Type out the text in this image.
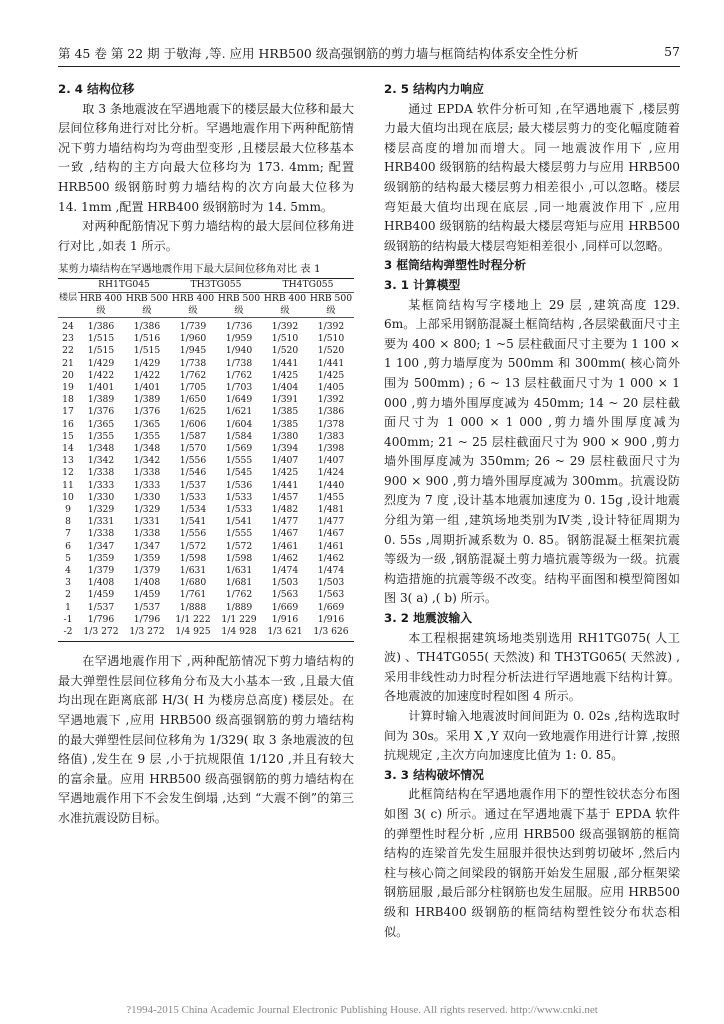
第 45 卷 第 22 期 于敬海 ,等. 应用 HRB500 级高强钢筋的剪力墙与框筒结构体系安全性分析	57

2. 4 结构位移

取 3 条地震波在罕遇地震下的楼层最大位移和最大层间位移角进行对比分析。罕遇地震作用下两种配筋情况下剪力墙结构均为弯曲型变形 ,且楼层最大位移基本一致 ,结构的主方向最大位移均为 173. 4mm; 配置 HRB500 级钢筋时剪力墙结构的次方向最大位移为 14. 1mm ,配置 HRB400 级钢筋时为 14. 5mm。

对两种配筋情况下剪力墙结构的最大层间位移角进行对比 ,如表 1 所示。

某剪力墙结构在罕遇地震作用下最大层间位移角对比 表 1
楼层	RH1TG045		TH3TG055		TH4TG055	
	HRB 400 级	HRB 500 级	HRB 400 级	HRB 500 级	HRB 400 级	HRB 500 级
24	1/386	1/386	1/739	1/736	1/392	1/392
23	1/515	1/516	1/960	1/959	1/510	1/510
22	1/515	1/515	1/945	1/940	1/520	1/520
21	1/429	1/429	1/738	1/738	1/441	1/441
20	1/422	1/422	1/762	1/762	1/425	1/425
19	1/401	1/401	1/705	1/703	1/404	1/405
18	1/389	1/389	1/650	1/649	1/391	1/392
17	1/376	1/376	1/625	1/621	1/385	1/386
16	1/365	1/365	1/606	1/604	1/385	1/378
15	1/355	1/355	1/587	1/584	1/380	1/383
14	1/348	1/348	1/570	1/569	1/394	1/398
13	1/342	1/342	1/556	1/555	1/407	1/407
12	1/338	1/338	1/546	1/545	1/425	1/424
11	1/333	1/333	1/537	1/536	1/441	1/440
10	1/330	1/330	1/533	1/533	1/457	1/455
9	1/329	1/329	1/534	1/533	1/482	1/481
8	1/331	1/331	1/541	1/541	1/477	1/477
7	1/338	1/338	1/556	1/555	1/467	1/467
6	1/347	1/347	1/572	1/572	1/461	1/461
5	1/359	1/359	1/598	1/598	1/462	1/462
4	1/379	1/379	1/631	1/631	1/474	1/474
3	1/408	1/408	1/680	1/681	1/503	1/503
2	1/459	1/459	1/761	1/762	1/563	1/563
1	1/537	1/537	1/888	1/889	1/669	1/669
-1	1/796	1/796	1/1 222	1/1 229	1/916	1/916
-2	1/3 272	1/3 272	1/4 925	1/4 928	1/3 621	1/3 626

在罕遇地震作用下 ,两种配筋情况下剪力墙结构的最大弹塑性层间位移角分布及大小基本一致 ,且最大值均出现在距离底部 H/3( H 为楼房总高度) 楼层处。在罕遇地震下 ,应用 HRB500 级高强钢筋的剪力墙结构的最大弹塑性层间位移角为 1/329( 取 3 条地震波的包络值) ,发生在 9 层 ,小于抗规限值 1/120 ,并且有较大的富余量。应用 HRB500 级高强钢筋的剪力墙结构在罕遇地震作用下不会发生倒塌 ,达到 “大震不倒”的第三水准抗震设防目标。

2. 5 结构内力响应

通过 EPDA 软件分析可知 ,在罕遇地震下 ,楼层剪力最大值均出现在底层; 最大楼层剪力的变化幅度随着楼层高度的增加而增大。同一地震波作用下 ,应用 HRB400 级钢筋的结构最大楼层剪力与应用 HRB500 级钢筋的结构最大楼层剪力相差很小 ,可以忽略。楼层弯矩最大值均出现在底层 ,同一地震波作用下 ,应用 HRB400 级钢筋的结构最大楼层弯矩与应用 HRB500 级钢筋的结构最大楼层弯矩相差很小 ,同样可以忽略。

3 框筒结构弹塑性时程分析

3. 1 计算模型

某框筒结构写字楼地上 29 层 ,建筑高度 129. 6m。上部采用钢筋混凝土框筒结构 ,各层梁截面尺寸主要为 400 × 800; 1 ~5 层柱截面尺寸主要为 1 100 × 1 100 ,剪力墙厚度为 500mm 和 300mm( 核心筒外围为 500mm) ; 6 ~ 13 层柱截面尺寸为 1 000 × 1 000 ,剪力墙外围厚度减为 450mm; 14 ~ 20 层柱截面尺寸为 1 000 × 1 000 ,剪力墙外围厚度减为 400mm; 21 ~ 25 层柱截面尺寸为 900 × 900 ,剪力墙外围厚度减为 350mm; 26 ~ 29 层柱截面尺寸为 900 × 900 ,剪力墙外围厚度减为 300mm。抗震设防烈度为 7 度 ,设计基本地震加速度为 0. 15g ,设计地震分组为第一组 ,建筑场地类别为Ⅳ类 ,设计特征周期为 0. 55s ,周期折减系数为 0. 85。钢筋混凝土框架抗震等级为一级 ,钢筋混凝土剪力墙抗震等级为一级。抗震构造措施的抗震等级不改变。结构平面图和模型简图如图 3( a) ,( b) 所示。

3. 2 地震波输入

本工程根据建筑场地类别选用 RH1TG075( 人工波) 、TH4TG055( 天然波) 和 TH3TG065( 天然波) ,采用非线性动力时程分析法进行罕遇地震下结构计算。各地震波的加速度时程如图 4 所示。

计算时输入地震波时间间距为 0. 02s ,结构选取时间为 30s。采用 X ,Y 双向一致地震作用进行计算 ,按照抗规规定 ,主次方向加速度比值为 1: 0. 85。

3. 3 结构破坏情况

此框筒结构在罕遇地震作用下的塑性铰状态分布图如图 3( c) 所示。通过在罕遇地震下基于 EPDA 软件的弹塑性时程分析 ,应用 HRB500 级高强钢筋的框筒结构的连梁首先发生屈服并很快达到剪切破坏 ,然后内柱与核心筒之间梁段的钢筋开始发生屈服 ,部分框架梁钢筋屈服 ,最后部分柱钢筋也发生屈服。应用 HRB500 级和 HRB400 级钢筋的框筒结构塑性铰分布状态相似。

?1994-2015 China Academic Journal Electronic Publishing House. All rights reserved. http://www.cnki.net
